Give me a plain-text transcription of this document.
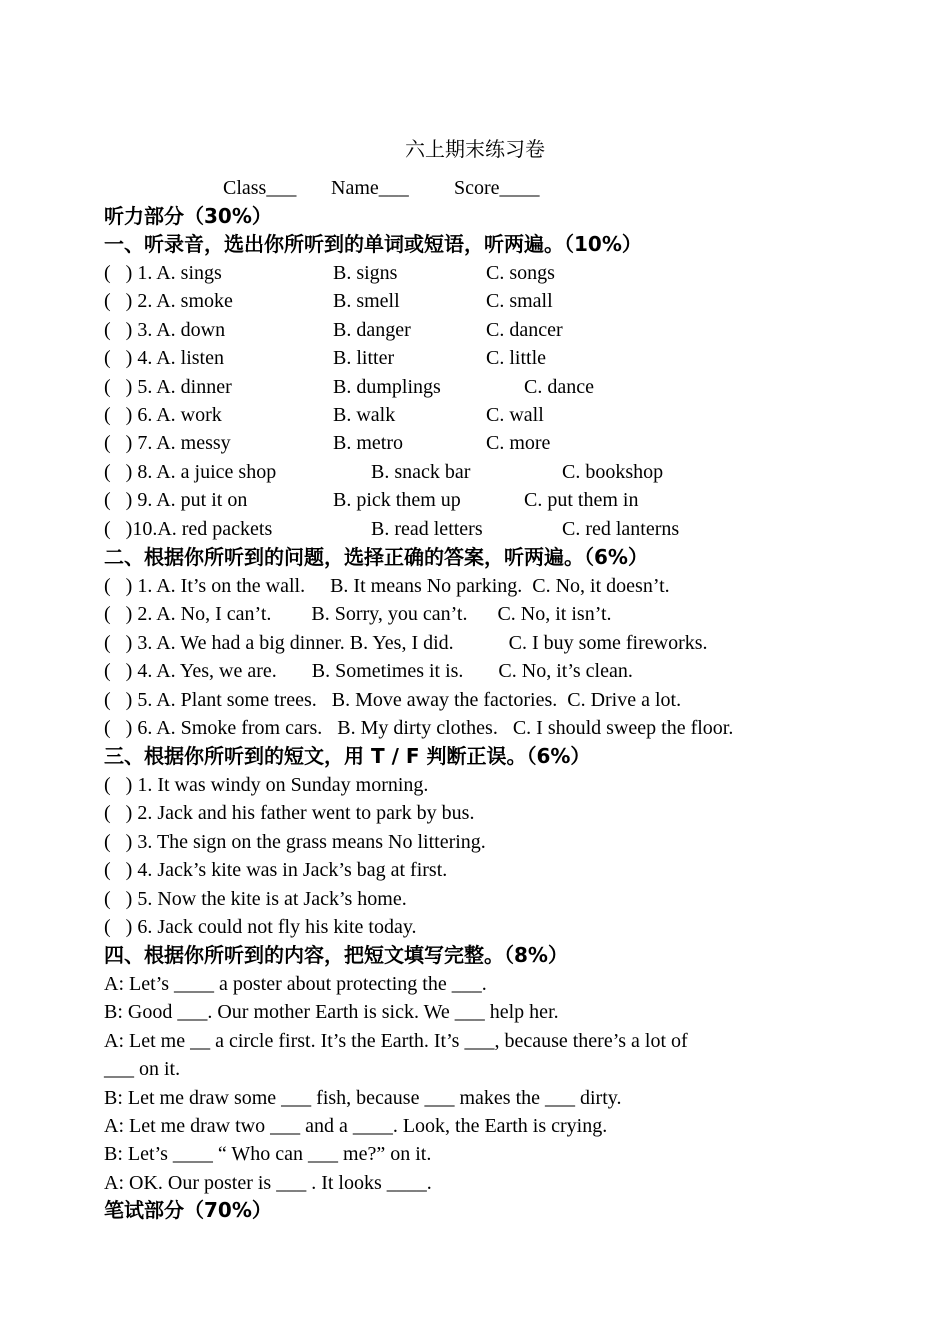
六上期末练习卷
Class___ Name___ Score____
听力部分（30%）
一、听录音，选出你所听到的单词或短语，听两遍。（10%）
(   ) 1. A. sings	B. signs	C. songs
(   ) 2. A. smoke	B. smell	C. small
(   ) 3. A. down	B. danger	C. dancer
(   ) 4. A. listen	B. litter	C. little
(   ) 5. A. dinner	B. dumplings	C. dance
(   ) 6. A. work	B. walk	C. wall
(   ) 7. A. messy	B. metro	C. more
(   ) 8. A. a juice shop	B. snack bar	C. bookshop
(   ) 9. A. put it on	B. pick them up	C. put them in
(   )10.A. red packets	B. read letters	C. red lanterns
二、根据你所听到的问题，选择正确的答案，听两遍。（6%）
(   ) 1. A. It’s on the wall.     B. It means No parking.  C. No, it doesn’t.
(   ) 2. A. No, I can’t.        B. Sorry, you can’t.      C. No, it isn’t.
(   ) 3. A. We had a big dinner. B. Yes, I did.           C. I buy some fireworks.
(   ) 4. A. Yes, we are.       B. Sometimes it is.       C. No, it’s clean.
(   ) 5. A. Plant some trees.   B. Move away the factories.  C. Drive a lot.
(   ) 6. A. Smoke from cars.   B. My dirty clothes.   C. I should sweep the floor.
三、根据你所听到的短文，用 T / F 判断正误。（6%）
(   ) 1. It was windy on Sunday morning.
(   ) 2. Jack and his father went to park by bus.
(   ) 3. The sign on the grass means No littering.
(   ) 4. Jack’s kite was in Jack’s bag at first.
(   ) 5. Now the kite is at Jack’s home.
(   ) 6. Jack could not fly his kite today.
四、根据你所听到的内容，把短文填写完整。（8%）
A: Let’s ____ a poster about protecting the ___.
B: Good ___. Our mother Earth is sick. We ___ help her.
A: Let me __ a circle first. It’s the Earth. It’s ___, because there’s a lot of
___ on it.
B: Let me draw some ___ fish, because ___ makes the ___ dirty.
A: Let me draw two ___ and a ____. Look, the Earth is crying.
B: Let’s ____ “ Who can ___ me?” on it.
A: OK. Our poster is ___ . It looks ____.
笔试部分（70%）
